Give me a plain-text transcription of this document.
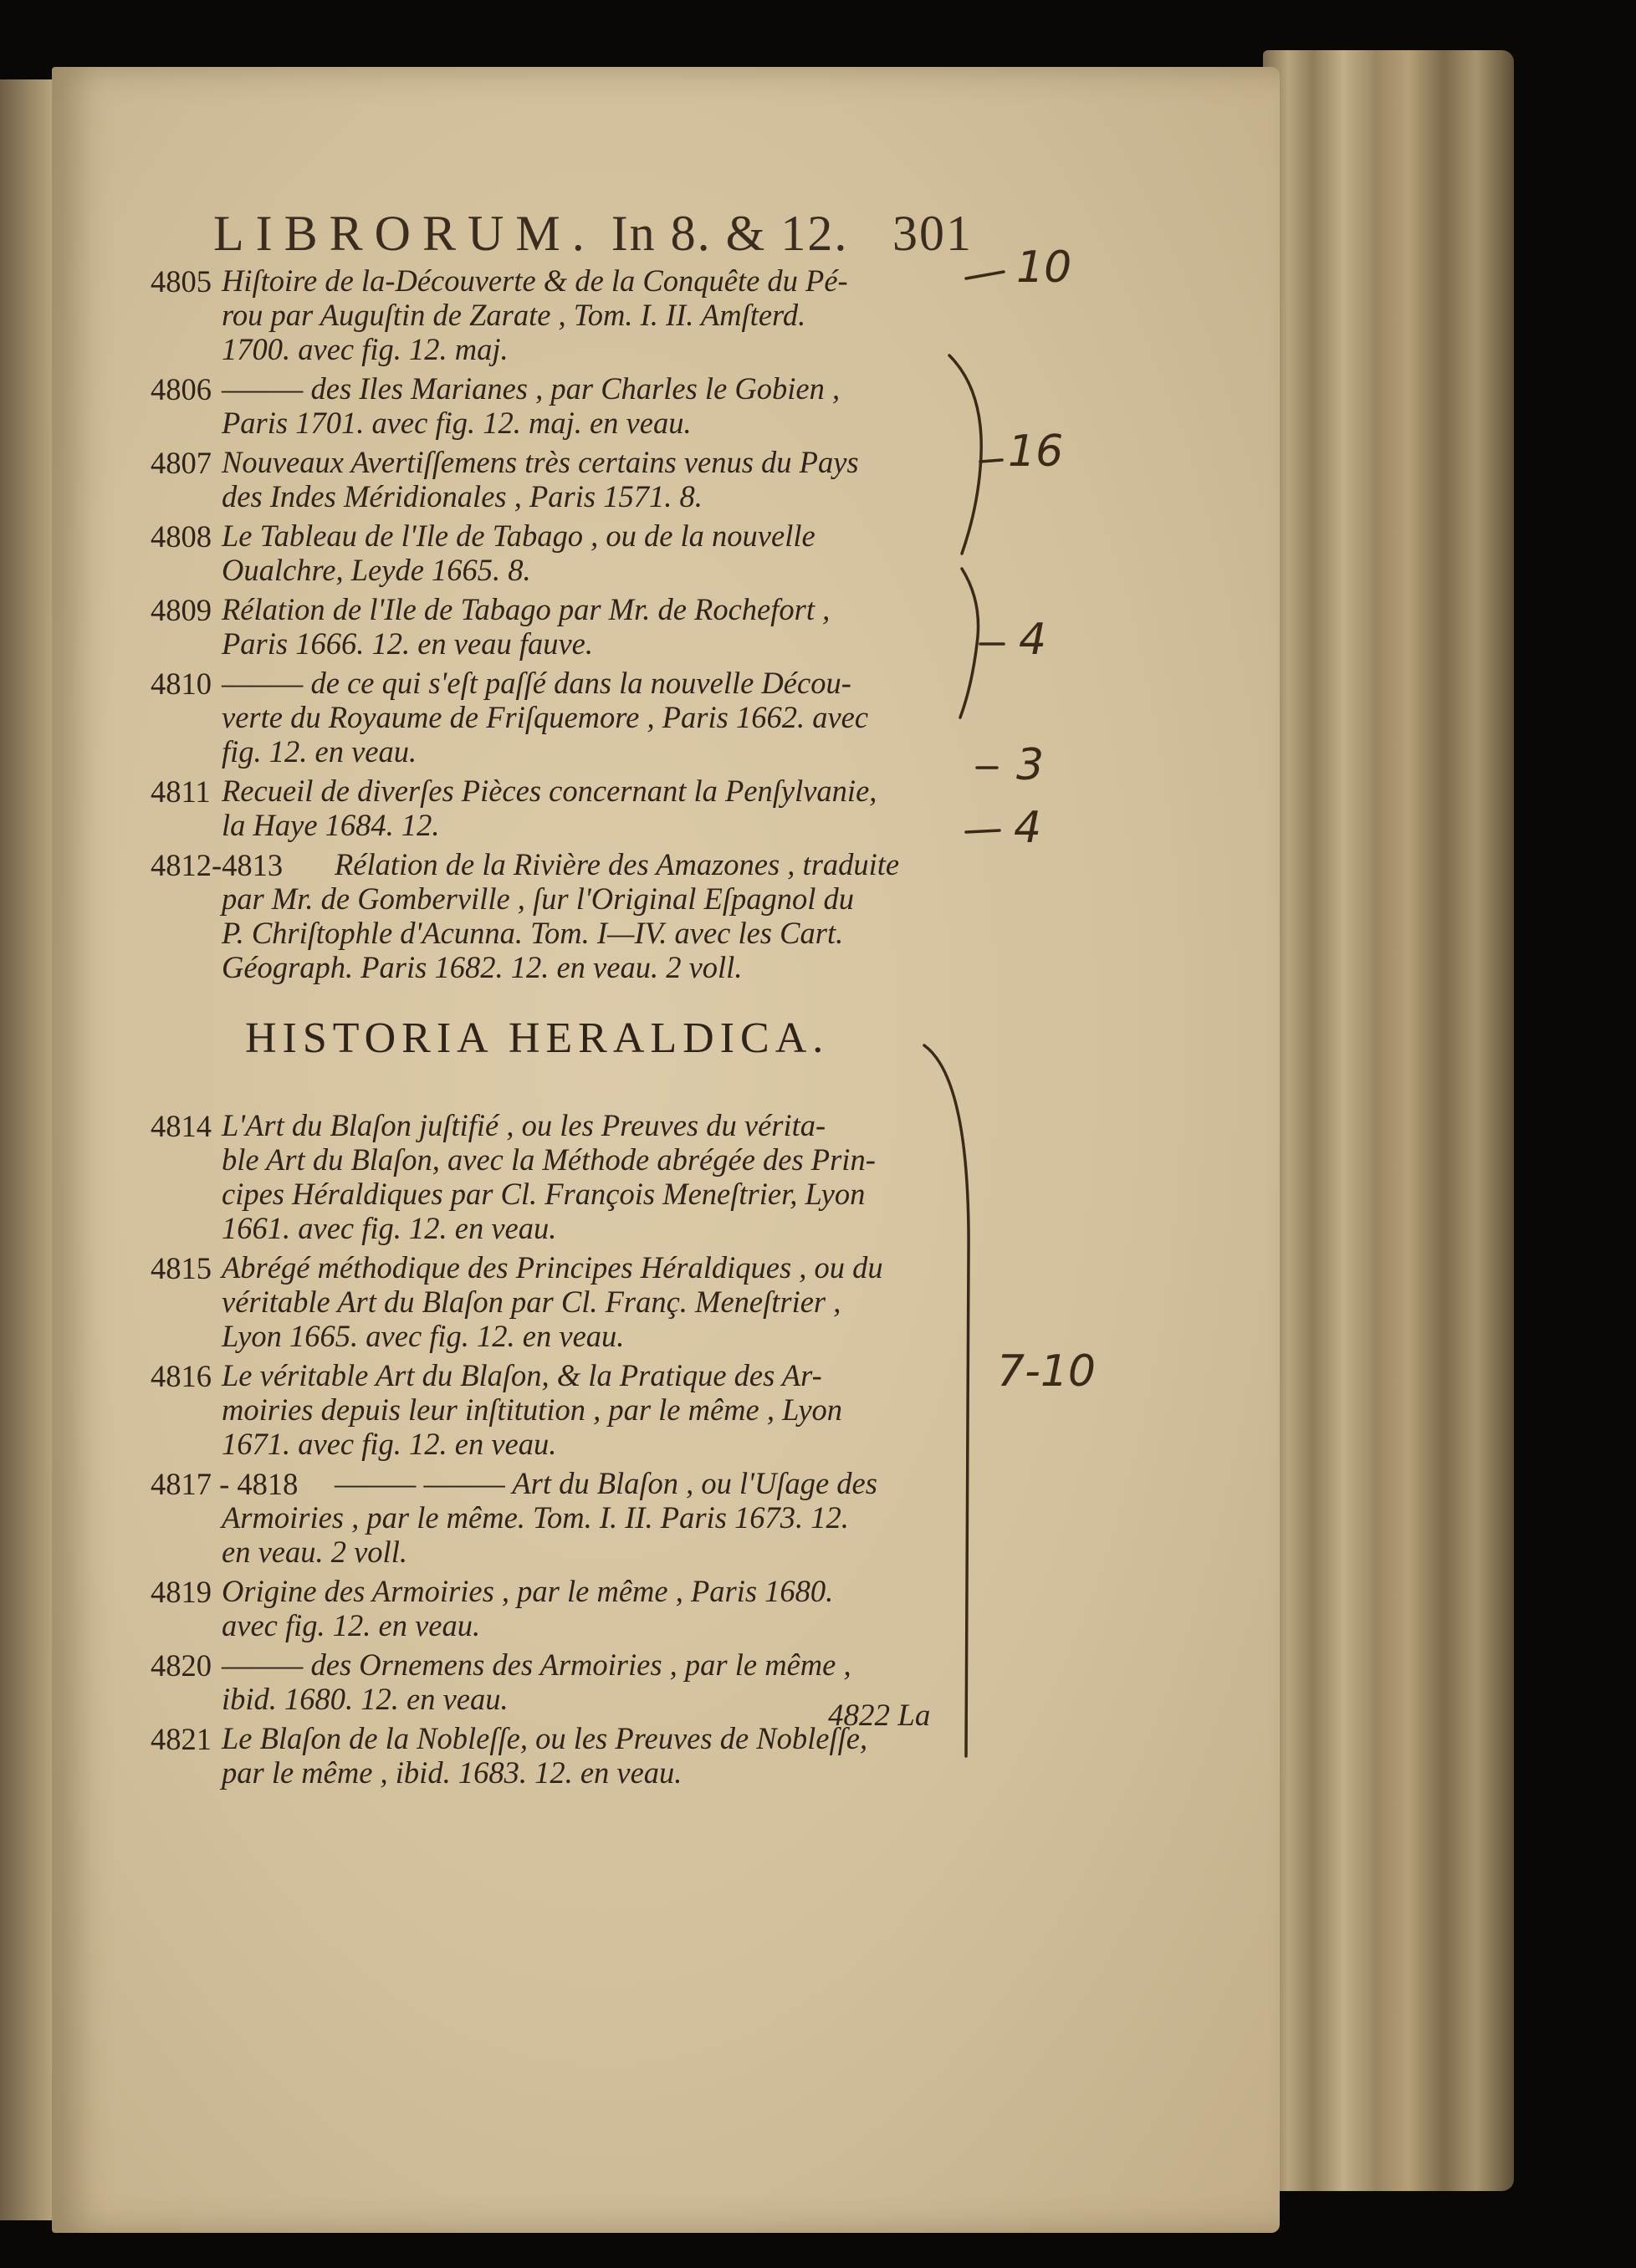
LIBRORUM. In 8. & 12. 301
4805 Hiſtoire de la-Découverte & de la Conquête du Pé-
rou par Auguſtin de Zarate , Tom. I. II. Amſterd.
1700. avec fig. 12. maj.
4806 ——— des Iles Marianes , par Charles le Gobien ,
Paris 1701. avec fig. 12. maj. en veau.
4807 Nouveaux Avertiſſemens très certains venus du Pays
des Indes Méridionales , Paris 1571. 8.
4808 Le Tableau de l'Ile de Tabago , ou de la nouvelle
Oualchre, Leyde 1665. 8.
4809 Rélation de l'Ile de Tabago par Mr. de Rochefort ,
Paris 1666. 12. en veau fauve.
4810 ——— de ce qui s'eſt paſſé dans la nouvelle Décou-
verte du Royaume de Friſquemore , Paris 1662. avec
fig. 12. en veau.
4811 Recueil de diverſes Pièces concernant la Penſylvanie,
la Haye 1684. 12.
4812-4813	Rélation de la Rivière des Amazones , traduite
par Mr. de Gomberville , ſur l'Original Eſpagnol du
P. Chriſtophle d'Acunna. Tom. I—IV. avec les Cart.
Géograph. Paris 1682. 12. en veau. 2 voll.
HISTORIA HERALDICA.
4814 L'Art du Blaſon juſtifié , ou les Preuves du vérita-
ble Art du Blaſon, avec la Méthode abrégée des Prin-
cipes Héraldiques par Cl. François Meneſtrier, Lyon
1661. avec fig. 12. en veau.
4815 Abrégé méthodique des Principes Héraldiques , ou du
véritable Art du Blaſon par Cl. Franç. Meneſtrier ,
Lyon 1665. avec fig. 12. en veau.
4816 Le véritable Art du Blaſon, & la Pratique des Ar-
moiries depuis leur inſtitution , par le même , Lyon
1671. avec fig. 12. en veau.
4817 - 4818	——— ——— Art du Blaſon , ou l'Uſage des
Armoiries , par le même. Tom. I. II. Paris 1673. 12.
en veau. 2 voll.
4819 Origine des Armoiries , par le même , Paris 1680.
avec fig. 12. en veau.
4820 ——— des Ornemens des Armoiries , par le même ,
ibid. 1680. 12. en veau.
4821 Le Blaſon de la Nobleſſe, ou les Preuves de Nobleſſe,
par le même , ibid. 1683. 12. en veau.
4822 La
10
16
4
3
4
7-10
